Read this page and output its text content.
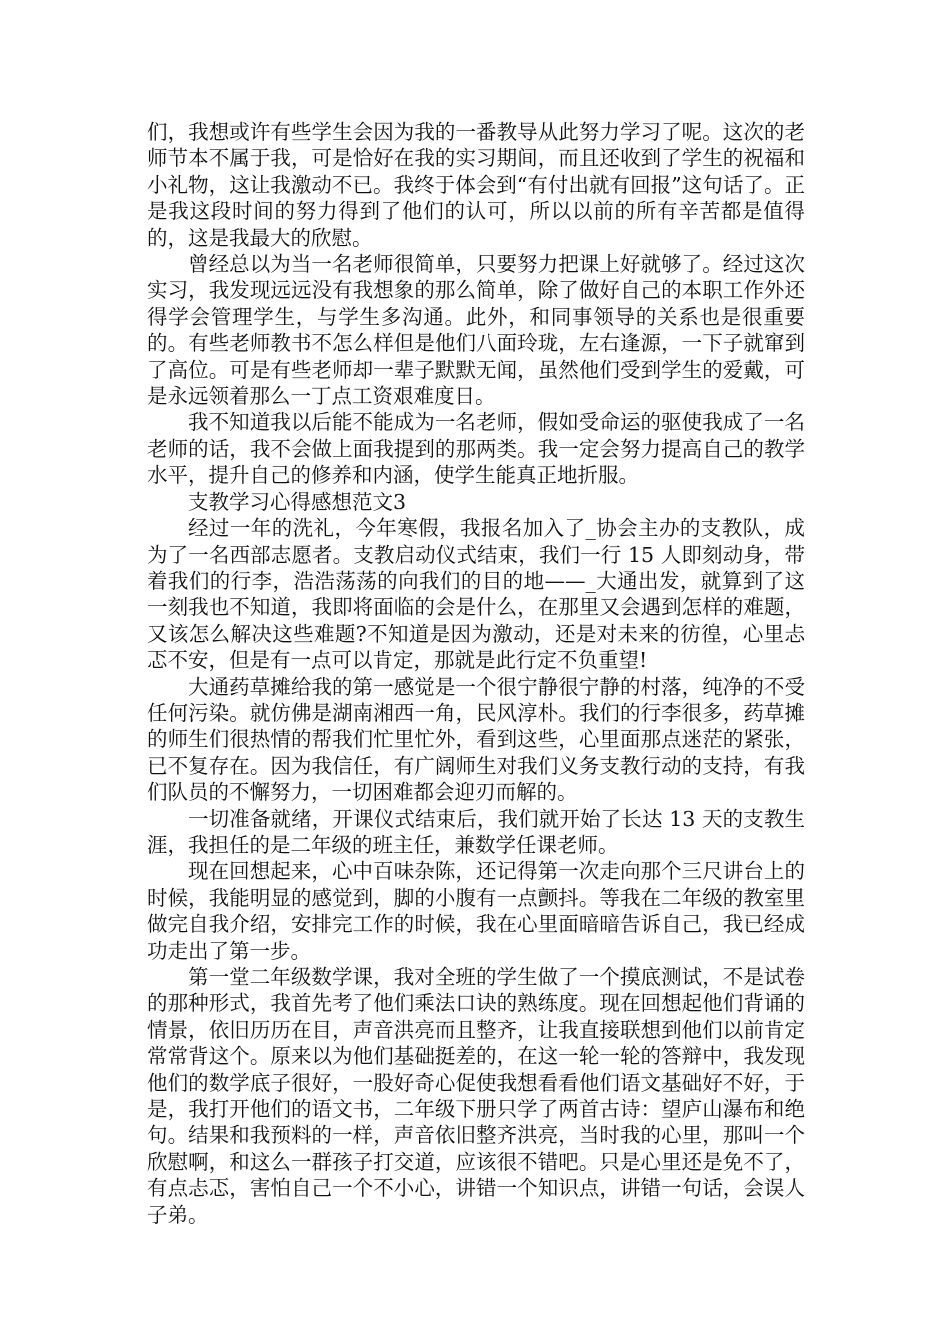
们，我想或许有些学生会因为我的一番教导从此努力学习了呢。这次的老师节本不属于我，可是恰好在我的实习期间，而且还收到了学生的祝福和小礼物，这让我激动不已。我终于体会到“有付出就有回报”这句话了。正是我这段时间的努力得到了他们的认可，所以以前的所有辛苦都是值得的，这是我最大的欣慰。

曾经总以为当一名老师很简单，只要努力把课上好就够了。经过这次实习，我发现远远没有我想象的那么简单，除了做好自己的本职工作外还得学会管理学生，与学生多沟通。此外，和同事领导的关系也是很重要的。有些老师教书不怎么样但是他们八面玲珑，左右逢源，一下子就窜到了高位。可是有些老师却一辈子默默无闻，虽然他们受到学生的爱戴，可是永远领着那么一丁点工资艰难度日。

我不知道我以后能不能成为一名老师，假如受命运的驱使我成了一名老师的话，我不会做上面我提到的那两类。我一定会努力提高自己的教学水平，提升自己的修养和内涵，使学生能真正地折服。

支教学习心得感想范文3

经过一年的洗礼，今年寒假，我报名加入了_协会主办的支教队，成为了一名西部志愿者。支教启动仪式结束，我们一行 15 人即刻动身，带着我们的行李，浩浩荡荡的向我们的目的地——_大通出发，就算到了这一刻我也不知道，我即将面临的会是什么，在那里又会遇到怎样的难题，又该怎么解决这些难题?不知道是因为激动，还是对未来的彷徨，心里忐忑不安，但是有一点可以肯定，那就是此行定不负重望!

大通药草摊给我的第一感觉是一个很宁静很宁静的村落，纯净的不受任何污染。就仿佛是湖南湘西一角，民风淳朴。我们的行李很多，药草摊的师生们很热情的帮我们忙里忙外，看到这些，心里面那点迷茫的紧张，已不复存在。因为我信任，有广阔师生对我们义务支教行动的支持，有我们队员的不懈努力，一切困难都会迎刃而解的。

一切准备就绪，开课仪式结束后，我们就开始了长达 13 天的支教生涯，我担任的是二年级的班主任，兼数学任课老师。

现在回想起来，心中百味杂陈，还记得第一次走向那个三尺讲台上的时候，我能明显的感觉到，脚的小腹有一点颤抖。等我在二年级的教室里做完自我介绍，安排完工作的时候，我在心里面暗暗告诉自己，我已经成功走出了第一步。

第一堂二年级数学课，我对全班的学生做了一个摸底测试，不是试卷的那种形式，我首先考了他们乘法口诀的熟练度。现在回想起他们背诵的情景，依旧历历在目，声音洪亮而且整齐，让我直接联想到他们以前肯定常常背这个。原来以为他们基础挺差的，在这一轮一轮的答辩中，我发现他们的数学底子很好，一股好奇心促使我想看看他们语文基础好不好，于是，我打开他们的语文书，二年级下册只学了两首古诗：望庐山瀑布和绝句。结果和我预料的一样，声音依旧整齐洪亮，当时我的心里，那叫一个欣慰啊，和这么一群孩子打交道，应该很不错吧。只是心里还是免不了，有点忐忑，害怕自己一个不小心，讲错一个知识点，讲错一句话，会误人子弟。
